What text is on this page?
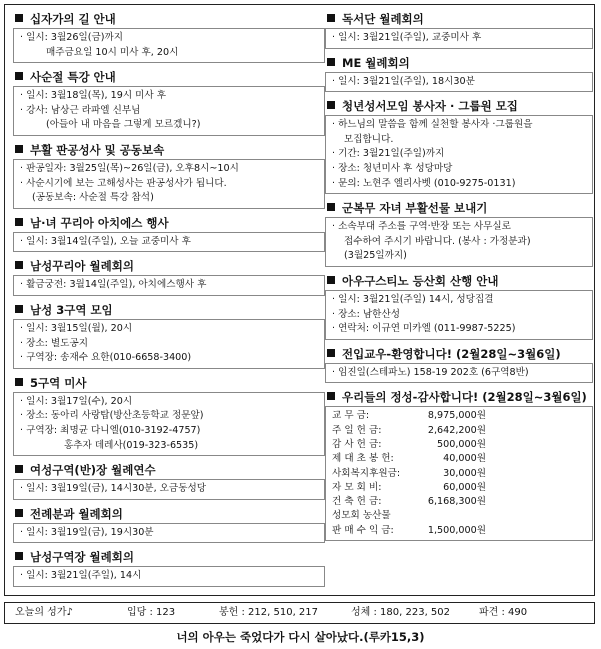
십자가의 길 안내
· 일시: 3월26일(금)까지
매주금요일 10시 미사 후, 20시
사순절 특강 안내
· 일시: 3월18일(목), 19시 미사 후
· 강사: 남상근 라파엘 신부님
(아들아 내 마음을 그렇게 모르겠니?)
부활 판공성사 및 공동보속
· 판공일자: 3월25일(목)~26일(금), 오후8시~10시
· 사순시기에 보는 고해성사는 판공성사가 됩니다.
(공동보속: 사순절 특강 참석)
남·녀 꾸리아 아치에스 행사
· 일시: 3월14일(주일), 오늘 교중미사 후
남성꾸리아 월례회의
· 활금궁전: 3월14일(주일), 아치에스행사 후
남성 3구역 모임
· 일시: 3월15일(월), 20시
· 장소: 별도공지
· 구역장: 송재수 요한(010-6658-3400)
5구역 미사
· 일시: 3월17일(수), 20시
· 장소: 동아리 사랑탑(방산초등학교 정문앞)
· 구역장: 최명균 다니엘(010-3192-4757)
홍추자 데레사(019-323-6535)
여성구역(반)장 월례연수
· 일시: 3월19일(금), 14시30분, 오금동성당
전례분과 월례회의
· 일시: 3월19일(금), 19시30분
남성구역장 월례회의
· 일시: 3월21일(주일), 14시
독서단 월례회의
· 일시: 3월21일(주일), 교중미사 후
ME 월례회의
· 일시: 3월21일(주일), 18시30분
청년성서모임 봉사자 · 그룹원 모집
· 하느님의 말씀을 함께 실천할 봉사자 ·그룹원을
모집합니다.
· 기간: 3월21일(주일)까지
· 장소: 청년미사 후 성당마당
· 문의: 노현주 엘리사벳 (010-9275-0131)
군복무 자녀 부활선물 보내기
· 소속부대 주소를 구역·반장 또는 사무실로
접수하여 주시기 바랍니다. (봉사 : 가정분과)
(3월25일까지)
아우구스티노 등산회 산행 안내
· 일시: 3월21일(주일) 14시, 성당집결
· 장소: 남한산성
· 연락처: 이규연 미카엘 (011-9987-5225)
전입교우-환영합니다! (2월28일~3월6일)
· 임진일(스테파노) 158-19 202호 (6구역8반)
우리들의 정성-감사합니다! (2월28일~3월6일)
교 무 금:	8,975,000원
주 일 헌 금:	2,642,200원
감 사 헌 금:	500,000원
제 대 초 봉 헌:	40,000원
사회복지후원금:	30,000원
자 모 회 비:	60,000원
건 축 헌 금:	6,168,300원
성모회 농산물	
판 매 수 익 금:	1,500,000원
오늘의 성가♪	입당 : 123	봉헌 : 212, 510, 217	성체 : 180, 223, 502	파견 : 490
너의 아우는 죽었다가 다시 살아났다.(루카15,3)
